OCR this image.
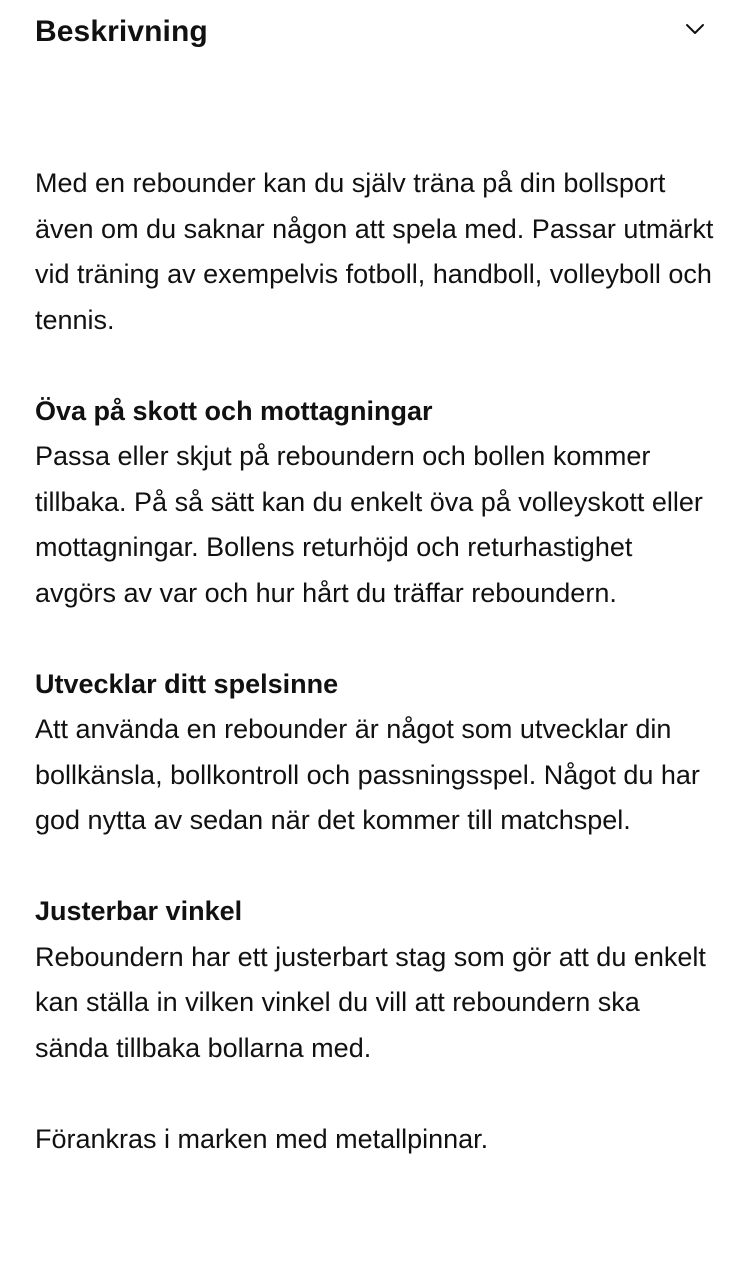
Beskrivning

Med en rebounder kan du själv träna på din bollsport även om du saknar någon att spela med. Passar utmärkt vid träning av exempelvis fotboll, handboll, volleyboll och tennis.

Öva på skott och mottagningar
Passa eller skjut på reboundern och bollen kommer tillbaka. På så sätt kan du enkelt öva på volleyskott eller mottagningar. Bollens returhöjd och returhastighet avgörs av var och hur hårt du träffar reboundern.

Utvecklar ditt spelsinne
Att använda en rebounder är något som utvecklar din bollkänsla, bollkontroll och passningsspel. Något du har god nytta av sedan när det kommer till matchspel.

Justerbar vinkel
Reboundern har ett justerbart stag som gör att du enkelt kan ställa in vilken vinkel du vill att reboundern ska sända tillbaka bollarna med.

Förankras i marken med metallpinnar.
